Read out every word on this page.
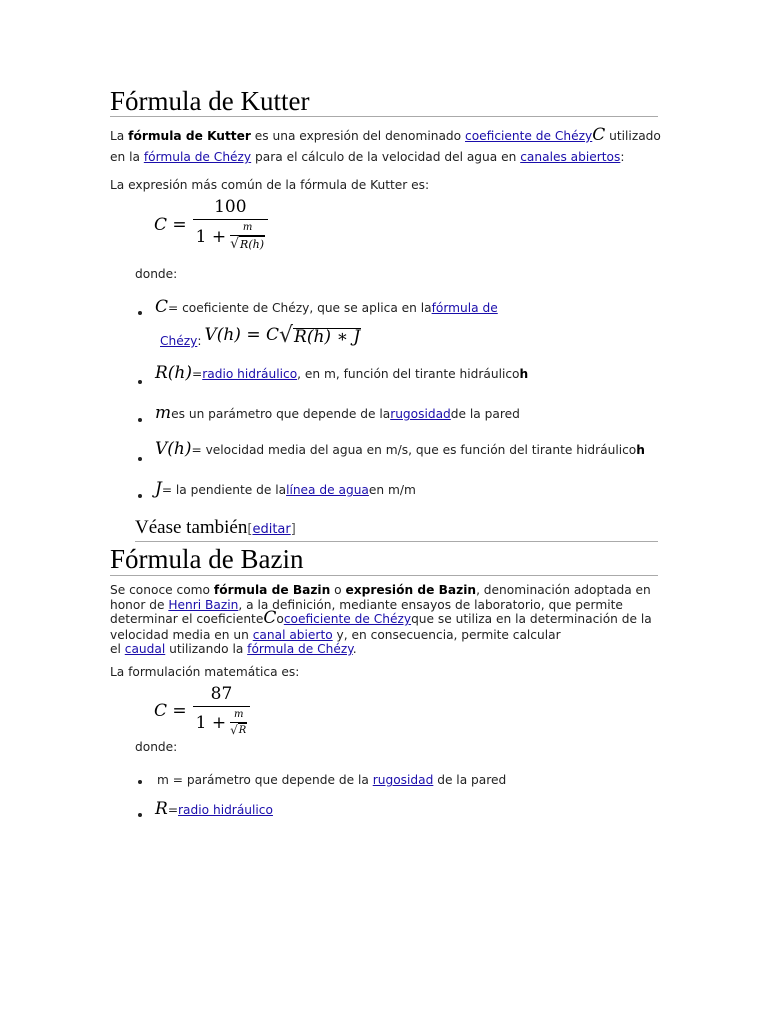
Fórmula de Kutter
La fórmula de Kutter es una expresión del denominado coeficiente de ChézyC utilizado
en la fórmula de Chézy para el cálculo de la velocidad del agua en canales abiertos:
La expresión más común de la fórmula de Kutter es:
$C = \frac{100}{1 + \frac{m}{√ R(h)}}$
donde:
C = coeficiente de Chézy, que se aplica en la fórmula de
Chézy : V(h) = C √ R(h) ∗ J
R(h) = radio hidráulico , en m, función del tirante hidráulico h
m es un parámetro que depende de la rugosidad de la pared
V(h) = velocidad media del agua en m/s, que es función del tirante hidráulico h
J = la pendiente de la línea de agua en m/m
Véase también [ editar ]
Fórmula de Bazin
Se conoce como fórmula de Bazin o expresión de Bazin, denominación adoptada en
honor de Henri Bazin, a la definición, mediante ensayos de laboratorio, que permite
determinar el coeficiente C o coeficiente de Chézy que se utiliza en la determinación de la
velocidad media en un canal abierto y, en consecuencia, permite calcular
el caudal utilizando la fórmula de Chézy.
La formulación matemática es:
$C = \frac{87}{1 + \frac{m}{√ R}}$
donde:
m = parámetro que depende de la rugosidad de la pared
R = radio hidráulico
